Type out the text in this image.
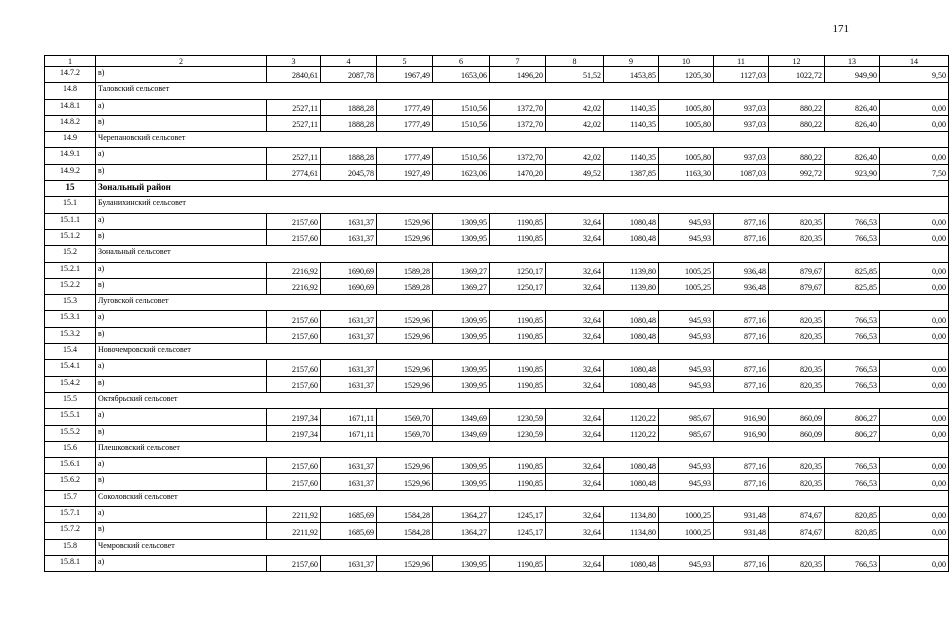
171
1	2	3	4	5	6	7	8	9	10	11	12	13	14
14.7.2	в)	2840,61	2087,78	1967,49	1653,06	1496,20	51,52	1453,85	1205,30	1127,03	1022,72	949,90	9,50
14.8	Таловский сельсовет												
14.8.1	а)	2527,11	1888,28	1777,49	1510,56	1372,70	42,02	1140,35	1005,80	937,03	880,22	826,40	0,00
14.8.2	в)	2527,11	1888,28	1777,49	1510,56	1372,70	42,02	1140,35	1005,80	937,03	880,22	826,40	0,00
14.9	Черепановский сельсовет												
14.9.1	а)	2527,11	1888,28	1777,49	1510,56	1372,70	42,02	1140,35	1005,80	937,03	880,22	826,40	0,00
14.9.2	в)	2774,61	2045,78	1927,49	1623,06	1470,20	49,52	1387,85	1163,30	1087,03	992,72	923,90	7,50
15	Зональный район												
15.1	Буланихинский сельсовет												
15.1.1	а)	2157,60	1631,37	1529,96	1309,95	1190,85	32,64	1080,48	945,93	877,16	820,35	766,53	0,00
15.1.2	в)	2157,60	1631,37	1529,96	1309,95	1190,85	32,64	1080,48	945,93	877,16	820,35	766,53	0,00
15.2	Зональный сельсовет												
15.2.1	а)	2216,92	1690,69	1589,28	1369,27	1250,17	32,64	1139,80	1005,25	936,48	879,67	825,85	0,00
15.2.2	в)	2216,92	1690,69	1589,28	1369,27	1250,17	32,64	1139,80	1005,25	936,48	879,67	825,85	0,00
15.3	Луговской сельсовет												
15.3.1	а)	2157,60	1631,37	1529,96	1309,95	1190,85	32,64	1080,48	945,93	877,16	820,35	766,53	0,00
15.3.2	в)	2157,60	1631,37	1529,96	1309,95	1190,85	32,64	1080,48	945,93	877,16	820,35	766,53	0,00
15.4	Новочемровский сельсовет												
15.4.1	а)	2157,60	1631,37	1529,96	1309,95	1190,85	32,64	1080,48	945,93	877,16	820,35	766,53	0,00
15.4.2	в)	2157,60	1631,37	1529,96	1309,95	1190,85	32,64	1080,48	945,93	877,16	820,35	766,53	0,00
15.5	Октябрьский сельсовет												
15.5.1	а)	2197,34	1671,11	1569,70	1349,69	1230,59	32,64	1120,22	985,67	916,90	860,09	806,27	0,00
15.5.2	в)	2197,34	1671,11	1569,70	1349,69	1230,59	32,64	1120,22	985,67	916,90	860,09	806,27	0,00
15.6	Плешковский сельсовет												
15.6.1	а)	2157,60	1631,37	1529,96	1309,95	1190,85	32,64	1080,48	945,93	877,16	820,35	766,53	0,00
15.6.2	в)	2157,60	1631,37	1529,96	1309,95	1190,85	32,64	1080,48	945,93	877,16	820,35	766,53	0,00
15.7	Соколовский сельсовет												
15.7.1	а)	2211,92	1685,69	1584,28	1364,27	1245,17	32,64	1134,80	1000,25	931,48	874,67	820,85	0,00
15.7.2	в)	2211,92	1685,69	1584,28	1364,27	1245,17	32,64	1134,80	1000,25	931,48	874,67	820,85	0,00
15.8	Чемровский сельсовет												
15.8.1	а)	2157,60	1631,37	1529,96	1309,95	1190,85	32,64	1080,48	945,93	877,16	820,35	766,53	0,00
